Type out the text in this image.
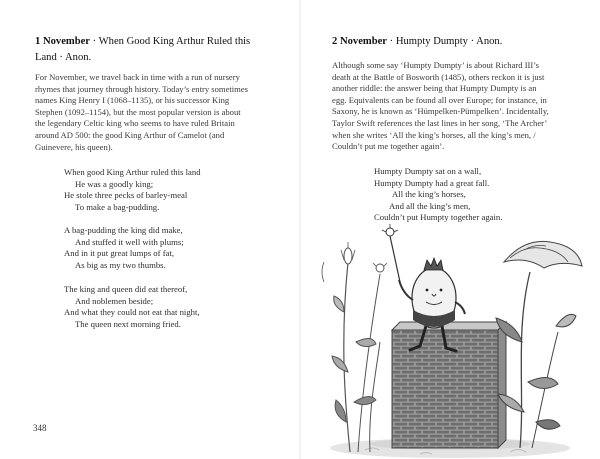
1 November · When Good King Arthur Ruled this
Land · Anon.
For November, we travel back in time with a run of nursery
rhymes that journey through history. Today’s entry sometimes
names King Henry I (1068–1135), or his successor King
Stephen (1092–1154), but the most popular version is about
the legendary Celtic king who seems to have ruled Britain
around AD 500: the good King Arthur of Camelot (and
Guinevere, his queen).
When good King Arthur ruled this land
He was a goodly king;
He stole three pecks of barley-meal
To make a bag-pudding.
A bag-pudding the king did make,
And stuffed it well with plums;
And in it put great lumps of fat,
As big as my two thumbs.
The king and queen did eat thereof,
And noblemen beside;
And what they could not eat that night,
The queen next morning fried.
348
2 November · Humpty Dumpty · Anon.
Although some say ‘Humpty Dumpty’ is about Richard III’s
death at the Battle of Bosworth (1485), others reckon it is just
another riddle: the answer being that Humpty Dumpty is an
egg. Equivalents can be found all over Europe; for instance, in
Saxony, he is known as ‘Hümpelken-Pümpelken’. Incidentally,
Taylor Swift references the last lines in her song, ‘The Archer’
when she writes ‘All the king’s horses, all the king’s men, /
Couldn’t put me together again’.
Humpty Dumpty sat on a wall,
Humpty Dumpty had a great fall.
All the king’s horses,
And all the king’s men,
Couldn’t put Humpty together again.
